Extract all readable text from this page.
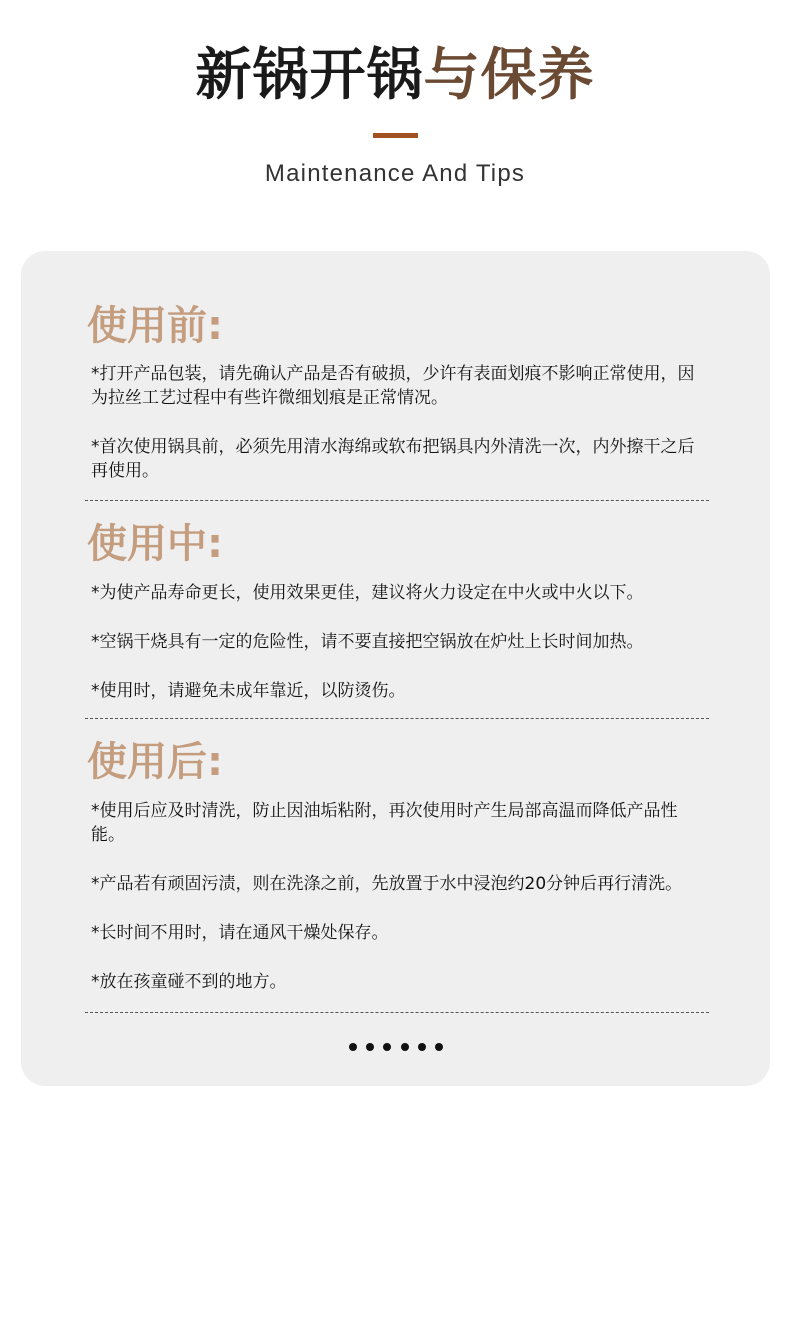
新锅开锅与保养
Maintenance And Tips
使用前:

*打开产品包装，请先确认产品是否有破损，少许有表面划痕不影响正常使用，因为拉丝工艺过程中有些许微细划痕是正常情况。

*首次使用锅具前，必须先用清水海绵或软布把锅具内外清洗一次，内外擦干之后再使用。

使用中:

*为使产品寿命更长，使用效果更佳，建议将火力设定在中火或中火以下。

*空锅干烧具有一定的危险性，请不要直接把空锅放在炉灶上长时间加热。

*使用时，请避免未成年靠近，以防烫伤。

使用后:

*使用后应及时清洗，防止因油垢粘附，再次使用时产生局部高温而降低产品性能。

*产品若有顽固污渍，则在洗涤之前，先放置于水中浸泡约20分钟后再行清洗。

*长时间不用时，请在通风干燥处保存。

*放在孩童碰不到的地方。
